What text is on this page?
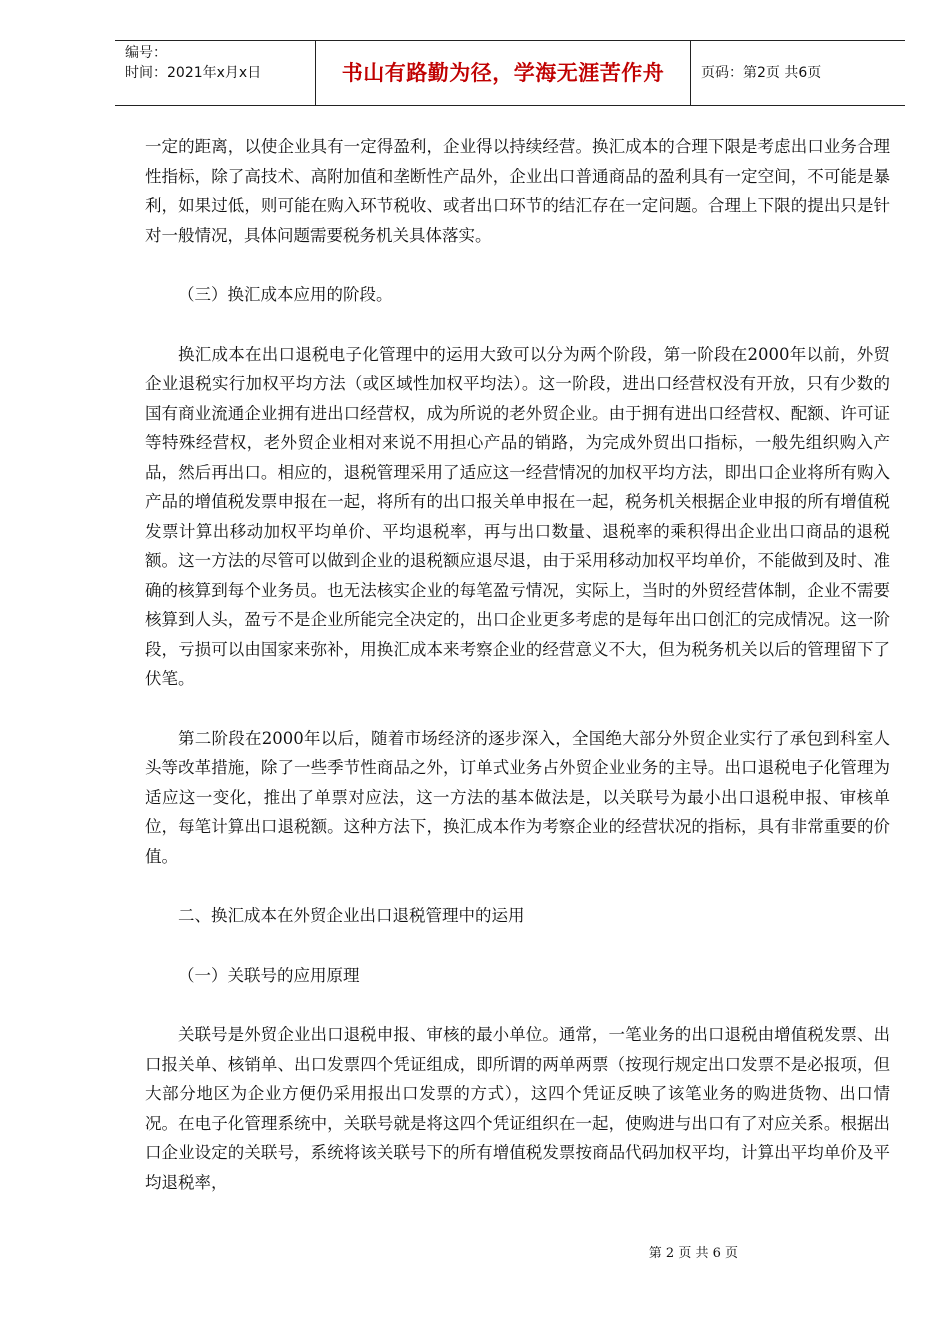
编号：
时间：2021年x月x日	书山有路勤为径，学海无涯苦作舟	页码：第2页 共6页

一定的距离，以使企业具有一定得盈利，企业得以持续经营。换汇成本的合理下限是考虑出口业务合理性指标，除了高技术、高附加值和垄断性产品外，企业出口普通商品的盈利具有一定空间，不可能是暴利，如果过低，则可能在购入环节税收、或者出口环节的结汇存在一定问题。合理上下限的提出只是针对一般情况，具体问题需要税务机关具体落实。

（三）换汇成本应用的阶段。

换汇成本在出口退税电子化管理中的运用大致可以分为两个阶段，第一阶段在2000年以前，外贸企业退税实行加权平均方法（或区域性加权平均法）。这一阶段，进出口经营权没有开放，只有少数的国有商业流通企业拥有进出口经营权，成为所说的老外贸企业。由于拥有进出口经营权、配额、许可证等特殊经营权，老外贸企业相对来说不用担心产品的销路，为完成外贸出口指标，一般先组织购入产品，然后再出口。相应的，退税管理采用了适应这一经营情况的加权平均方法，即出口企业将所有购入产品的增值税发票申报在一起，将所有的出口报关单申报在一起，税务机关根据企业申报的所有增值税发票计算出移动加权平均单价、平均退税率，再与出口数量、退税率的乘积得出企业出口商品的退税额。这一方法的尽管可以做到企业的退税额应退尽退，由于采用移动加权平均单价，不能做到及时、准确的核算到每个业务员。也无法核实企业的每笔盈亏情况，实际上，当时的外贸经营体制，企业不需要核算到人头，盈亏不是企业所能完全决定的，出口企业更多考虑的是每年出口创汇的完成情况。这一阶段，亏损可以由国家来弥补，用换汇成本来考察企业的经营意义不大，但为税务机关以后的管理留下了伏笔。

第二阶段在2000年以后，随着市场经济的逐步深入，全国绝大部分外贸企业实行了承包到科室人头等改革措施，除了一些季节性商品之外，订单式业务占外贸企业业务的主导。出口退税电子化管理为适应这一变化，推出了单票对应法，这一方法的基本做法是，以关联号为最小出口退税申报、审核单位，每笔计算出口退税额。这种方法下，换汇成本作为考察企业的经营状况的指标，具有非常重要的价值。

二、换汇成本在外贸企业出口退税管理中的运用

（一）关联号的应用原理

关联号是外贸企业出口退税申报、审核的最小单位。通常，一笔业务的出口退税由增值税发票、出口报关单、核销单、出口发票四个凭证组成，即所谓的两单两票（按现行规定出口发票不是必报项，但大部分地区为企业方便仍采用报出口发票的方式），这四个凭证反映了该笔业务的购进货物、出口情况。在电子化管理系统中，关联号就是将这四个凭证组织在一起，使购进与出口有了对应关系。根据出口企业设定的关联号，系统将该关联号下的所有增值税发票按商品代码加权平均，计算出平均单价及平均退税率，

第 2 页 共 6 页
